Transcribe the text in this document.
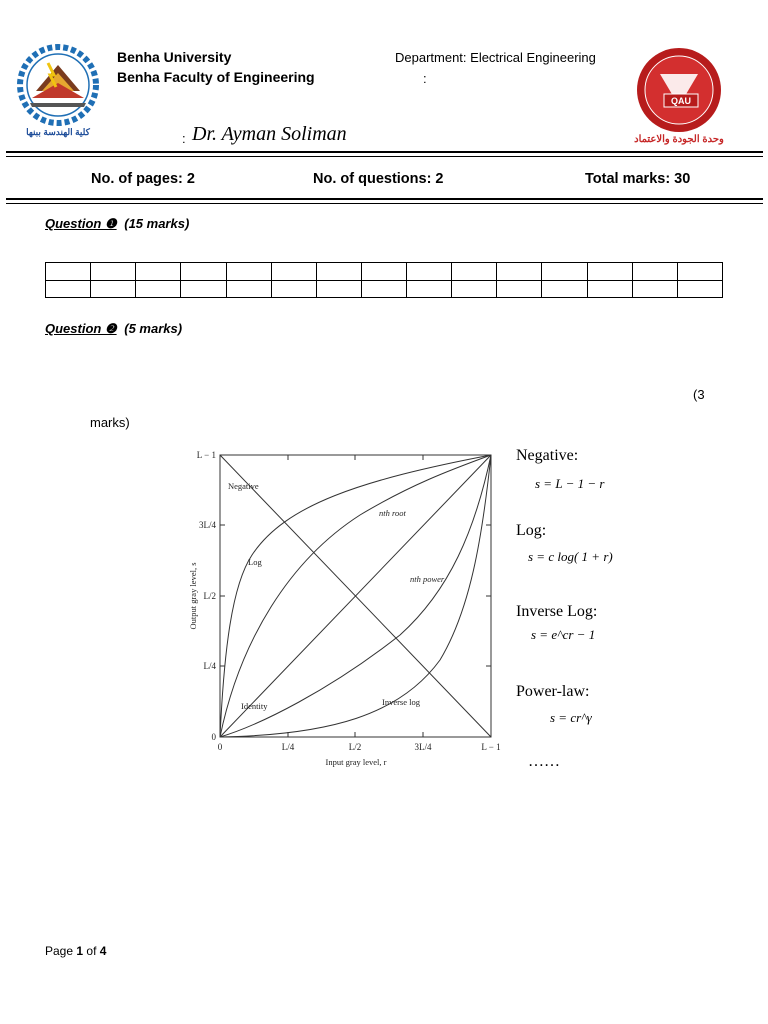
كلية الهندسة ببنها
QAU
وحدة الجودة والاعتماد
Benha University
Benha Faculty of Engineering
Department: Electrical Engineering
:
: Dr. Ayman Soliman
No. of pages: 2	No. of questions: 2	Total marks: 30
Question ❶ (15 marks)

Question ❷ (5 marks)
(3
marks)
L − 1
3L/4
L/2
L/4
0
0	L/4	L/2	3L/4	L − 1
Input gray level, r
Output gray level, s
Negative
nth root
Log
nth power
Identity	Inverse log
Negative:
s = L − 1 − r
Log:
s = c log( 1 + r)
Inverse Log:
s = e^cr − 1
Power-law:
s = cr^γ
……
Page 1 of 4
